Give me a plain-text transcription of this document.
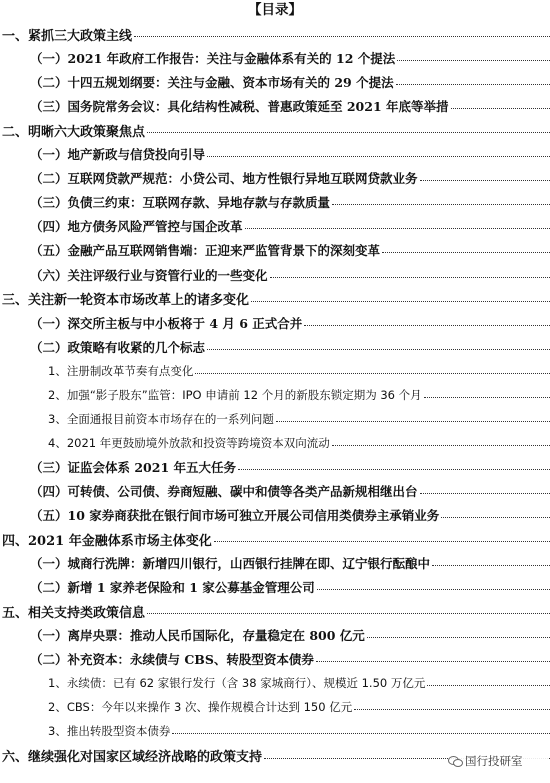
【目录】
一、紧抓三大政策主线
（一）2021 年政府工作报告：关注与金融体系有关的 12 个提法
（二）十四五规划纲要：关注与金融、资本市场有关的 29 个提法
（三）国务院常务会议：具化结构性减税、普惠政策延至 2021 年底等举措
二、明晰六大政策聚焦点
（一）地产新政与信贷投向引导
（二）互联网贷款严规范：小贷公司、地方性银行异地互联网贷款业务
（三）负债三约束：互联网存款、异地存款与存款质量
（四）地方债务风险严管控与国企改革
（五）金融产品互联网销售端：正迎来严监管背景下的深刻变革
（六）关注评级行业与资管行业的一些变化
三、关注新一轮资本市场改革上的诸多变化
（一）深交所主板与中小板将于 4 月 6 正式合并
（二）政策略有收紧的几个标志
1、注册制改革节奏有点变化
2、加强“影子股东”监管：IPO 申请前 12 个月的新股东锁定期为 36 个月
3、全面通报目前资本市场存在的一系列问题
4、2021 年更鼓励境外放款和投资等跨境资本双向流动
（三）证监会体系 2021 年五大任务
（四）可转债、公司债、券商短融、碳中和债等各类产品新规相继出台
（五）10 家券商获批在银行间市场可独立开展公司信用类债券主承销业务
四、2021 年金融体系市场主体变化
（一）城商行洗牌：新增四川银行，山西银行挂牌在即、辽宁银行酝酿中
（二）新增 1 家养老保险和 1 家公募基金管理公司
五、相关支持类政策信息
（一）离岸央票：推动人民币国际化，存量稳定在 800 亿元
（二）补充资本：永续债与 CBS、转股型资本债券
1、永续债：已有 62 家银行发行（含 38 家城商行）、规模近 1.50 万亿元
2、CBS：今年以来操作 3 次、操作规模合计达到 150 亿元
3、推出转股型资本债券
六、继续强化对国家区域经济战略的政策支持	国行投研室
